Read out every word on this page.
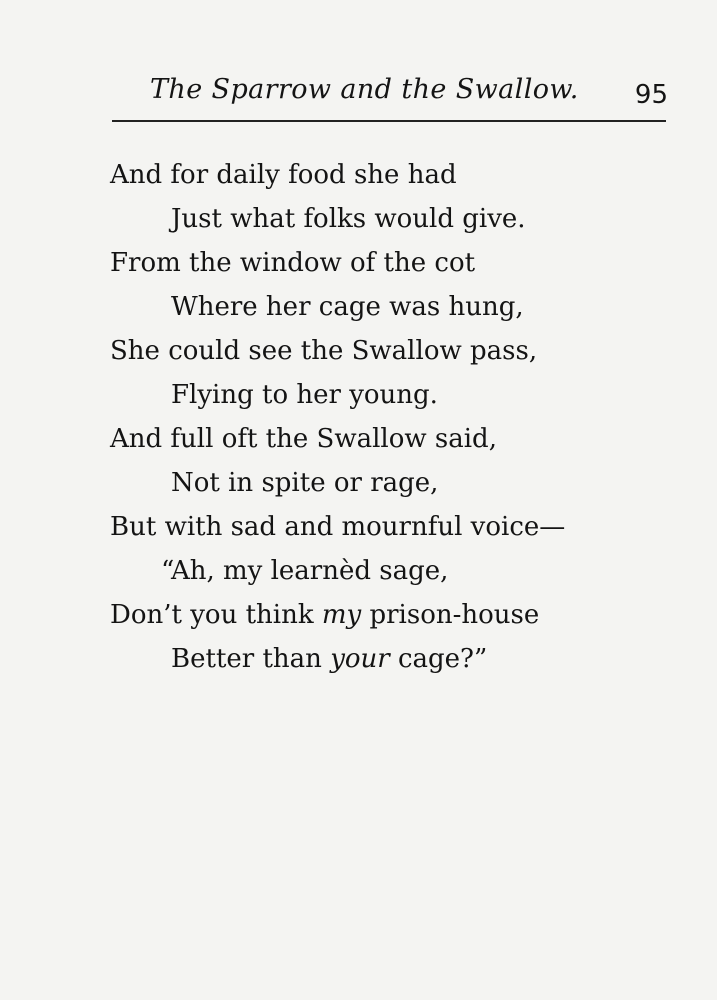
The Sparrow and the Swallow. 95
And for daily food she had
Just what folks would give.
From the window of the cot
Where her cage was hung,
She could see the Swallow pass,
Flying to her young.
And full oft the Swallow said,
Not in spite or rage,
But with sad and mournful voice—
“Ah, my learnèd sage,
Don’t you think my prison-house
Better than your cage?”
